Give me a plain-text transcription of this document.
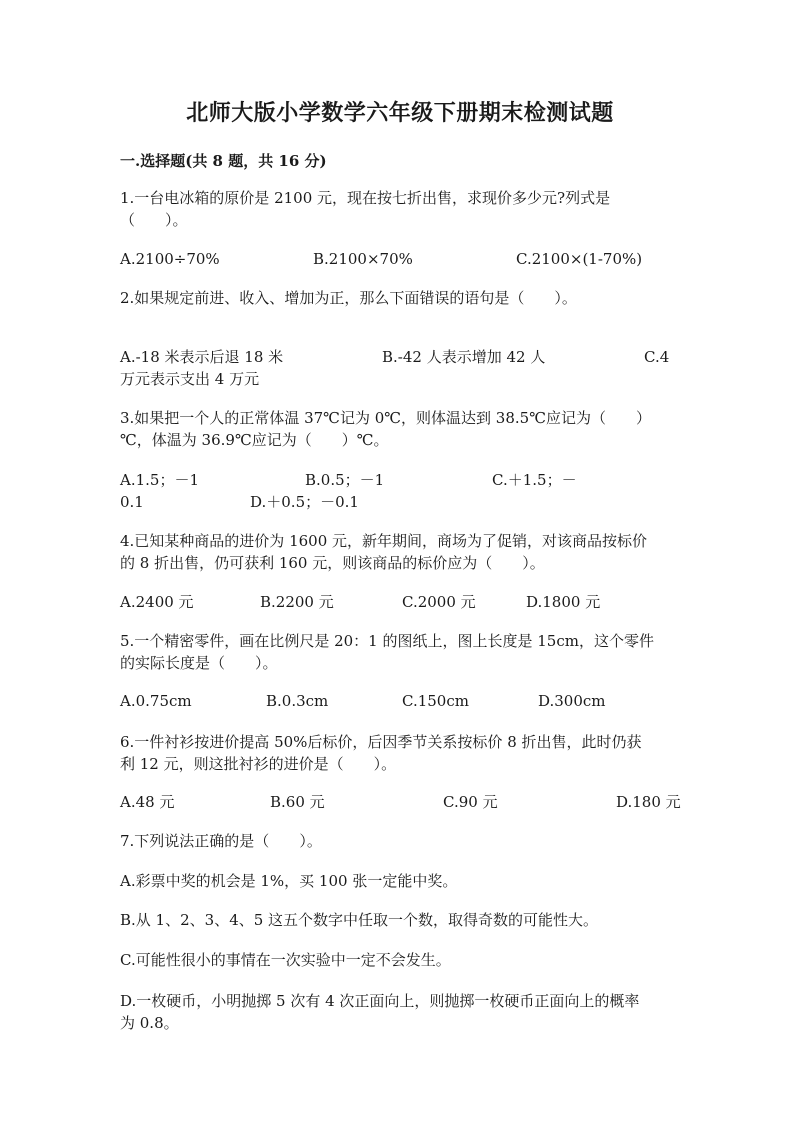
北师大版小学数学六年级下册期末检测试题
一.选择题(共 8 题，共 16 分)
1.一台电冰箱的原价是 2100 元，现在按七折出售，求现价多少元?列式是
（　　）。
A.2100÷70%	B.2100×70%	C.2100×(1-70%)
2.如果规定前进、收入、增加为正，那么下面错误的语句是（　　）。
A.-18 米表示后退 18 米	B.-42 人表示增加 42 人	C.4
万元表示支出 4 万元
3.如果把一个人的正常体温 37℃记为 0℃，则体温达到 38.5℃应记为（　　）
℃，体温为 36.9℃应记为（　　）℃。
A.1.5；－1	B.0.5；－1	C.＋1.5；－
0.1	D.＋0.5；－0.1
4.已知某种商品的进价为 1600 元，新年期间，商场为了促销，对该商品按标价
的 8 折出售，仍可获利 160 元，则该商品的标价应为（　　）。
A.2400 元	B.2200 元	C.2000 元	D.1800 元
5.一个精密零件，画在比例尺是 20：1 的图纸上，图上长度是 15cm，这个零件
的实际长度是（　　）。
A.0.75cm	B.0.3cm	C.150cm	D.300cm
6.一件衬衫按进价提高 50%后标价，后因季节关系按标价 8 折出售，此时仍获
利 12 元，则这批衬衫的进价是（　　）。
A.48 元	B.60 元	C.90 元	D.180 元
7.下列说法正确的是（　　）。
A.彩票中奖的机会是 1%，买 100 张一定能中奖。
B.从 1、2、3、4、5 这五个数字中任取一个数，取得奇数的可能性大。
C.可能性很小的事情在一次实验中一定不会发生。
D.一枚硬币，小明抛掷 5 次有 4 次正面向上，则抛掷一枚硬币正面向上的概率
为 0.8。
